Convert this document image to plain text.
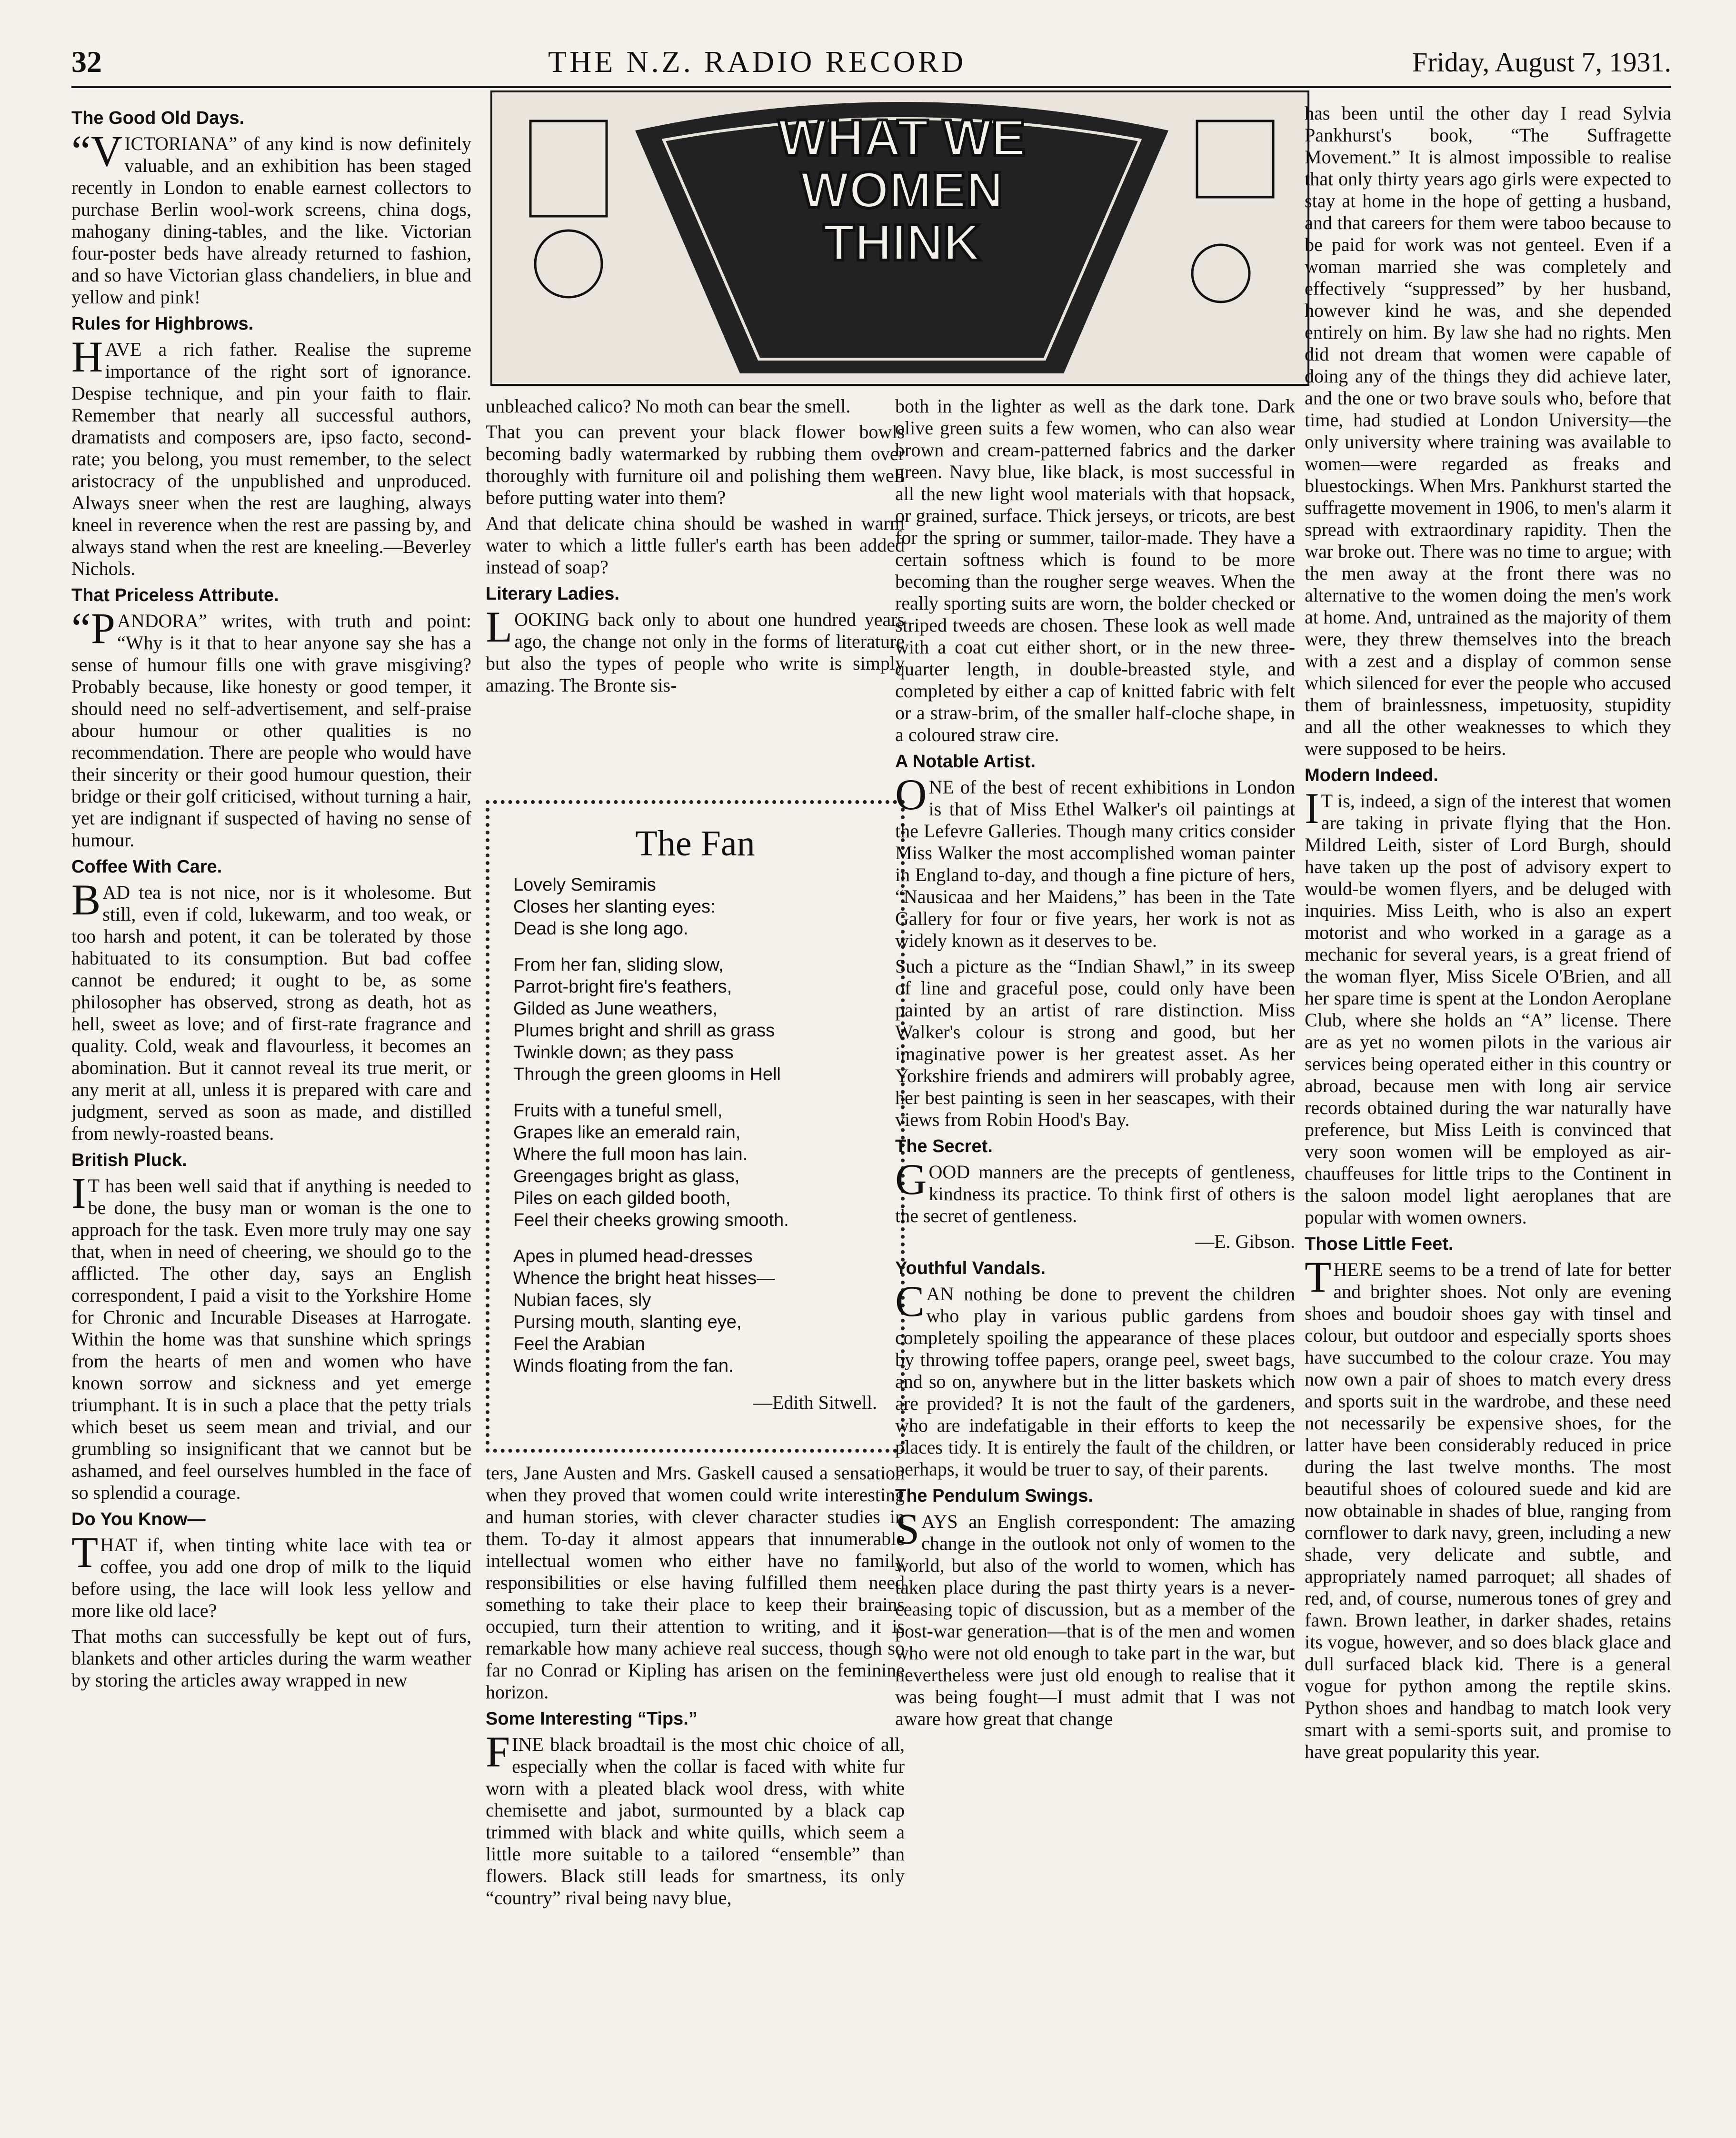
32	THE N.Z. RADIO RECORD	Friday, August 7, 1931.
WHAT WE
WOMEN
THINK
The Good Old Days.

“VICTORIANA” of any kind is now definitely valuable, and an exhibition has been staged recently in London to enable earnest collectors to purchase Berlin wool-work screens, china dogs, mahogany dining-tables, and the like. Victorian four-poster beds have already returned to fashion, and so have Victorian glass chandeliers, in blue and yellow and pink!

Rules for Highbrows.

HAVE a rich father. Realise the supreme importance of the right sort of ignorance. Despise technique, and pin your faith to flair. Remember that nearly all successful authors, dramatists and composers are, ipso facto, second-rate; you belong, you must remember, to the select aristocracy of the unpublished and unproduced. Always sneer when the rest are laughing, always kneel in reverence when the rest are passing by, and always stand when the rest are kneeling.—Beverley Nichols.

That Priceless Attribute.

“PANDORA” writes, with truth and point: “Why is it that to hear anyone say she has a sense of humour fills one with grave misgiving? Probably because, like honesty or good temper, it should need no self-advertisement, and self-praise abour humour or other qualities is no recommendation. There are people who would have their sincerity or their good humour question, their bridge or their golf criticised, without turning a hair, yet are indignant if suspected of having no sense of humour.

Coffee With Care.

BAD tea is not nice, nor is it wholesome. But still, even if cold, lukewarm, and too weak, or too harsh and potent, it can be tolerated by those habituated to its consumption. But bad coffee cannot be endured; it ought to be, as some philosopher has observed, strong as death, hot as hell, sweet as love; and of first-rate fragrance and quality. Cold, weak and flavourless, it becomes an abomination. But it cannot reveal its true merit, or any merit at all, unless it is prepared with care and judgment, served as soon as made, and distilled from newly-roasted beans.

British Pluck.

IT has been well said that if anything is needed to be done, the busy man or woman is the one to approach for the task. Even more truly may one say that, when in need of cheering, we should go to the afflicted. The other day, says an English correspondent, I paid a visit to the Yorkshire Home for Chronic and Incurable Diseases at Harrogate. Within the home was that sunshine which springs from the hearts of men and women who have known sorrow and sickness and yet emerge triumphant. It is in such a place that the petty trials which beset us seem mean and trivial, and our grumbling so insignificant that we cannot but be ashamed, and feel ourselves humbled in the face of so splendid a courage.

Do You Know—

THAT if, when tinting white lace with tea or coffee, you add one drop of milk to the liquid before using, the lace will look less yellow and more like old lace?

That moths can successfully be kept out of furs, blankets and other articles during the warm weather by storing the articles away wrapped in new

unbleached calico? No moth can bear the smell.

That you can prevent your black flower bowls becoming badly watermarked by rubbing them over thoroughly with furniture oil and polishing them well before putting water into them?

And that delicate china should be washed in warm water to which a little fuller's earth has been added instead of soap?

Literary Ladies.

LOOKING back only to about one hundred years ago, the change not only in the forms of literature but also the types of people who write is simply amazing. The Bronte sis-

The Fan
Lovely Semiramis
Closes her slanting eyes:
Dead is she long ago.
From her fan, sliding slow,
Parrot-bright fire's feathers,
Gilded as June weathers,
Plumes bright and shrill as grass
Twinkle down; as they pass
Through the green glooms in Hell
Fruits with a tuneful smell,
Grapes like an emerald rain,
Where the full moon has lain.
Greengages bright as glass,
Piles on each gilded booth,
Feel their cheeks growing smooth.
Apes in plumed head-dresses
Whence the bright heat hisses—
Nubian faces, sly
Pursing mouth, slanting eye,
Feel the Arabian
Winds floating from the fan.
—Edith Sitwell.

ters, Jane Austen and Mrs. Gaskell caused a sensation when they proved that women could write interesting and human stories, with clever character studies in them. To-day it almost appears that innumerable intellectual women who either have no family responsibilities or else having fulfilled them need something to take their place to keep their brains occupied, turn their attention to writing, and it is remarkable how many achieve real success, though so far no Conrad or Kipling has arisen on the feminine horizon.

Some Interesting “Tips.”

FINE black broadtail is the most chic choice of all, especially when the collar is faced with white fur worn with a pleated black wool dress, with white chemisette and jabot, surmounted by a black cap trimmed with black and white quills, which seem a little more suitable to a tailored “ensemble” than flowers. Black still leads for smartness, its only “country” rival being navy blue,

both in the lighter as well as the dark tone. Dark olive green suits a few women, who can also wear brown and cream-patterned fabrics and the darker green. Navy blue, like black, is most successful in all the new light wool materials with that hopsack, or grained, surface. Thick jerseys, or tricots, are best for the spring or summer, tailor-made. They have a certain softness which is found to be more becoming than the rougher serge weaves. When the really sporting suits are worn, the bolder checked or striped tweeds are chosen. These look as well made with a coat cut either short, or in the new three-quarter length, in double-breasted style, and completed by either a cap of knitted fabric with felt or a straw-brim, of the smaller half-cloche shape, in a coloured straw cire.

A Notable Artist.

ONE of the best of recent exhibitions in London is that of Miss Ethel Walker's oil paintings at the Lefevre Galleries. Though many critics consider Miss Walker the most accomplished woman painter in England to-day, and though a fine picture of hers, “Nausicaa and her Maidens,” has been in the Tate Gallery for four or five years, her work is not as widely known as it deserves to be.

Such a picture as the “Indian Shawl,” in its sweep of line and graceful pose, could only have been painted by an artist of rare distinction. Miss Walker's colour is strong and good, but her imaginative power is her greatest asset. As her Yorkshire friends and admirers will probably agree, her best painting is seen in her seascapes, with their views from Robin Hood's Bay.

The Secret.

GOOD manners are the precepts of gentleness, kindness its practice. To think first of others is the secret of gentleness.

—E. Gibson.

Youthful Vandals.

CAN nothing be done to prevent the children who play in various public gardens from completely spoiling the appearance of these places by throwing toffee papers, orange peel, sweet bags, and so on, anywhere but in the litter baskets which are provided? It is not the fault of the gardeners, who are indefatigable in their efforts to keep the places tidy. It is entirely the fault of the children, or perhaps, it would be truer to say, of their parents.

The Pendulum Swings.

SAYS an English correspondent: The amazing change in the outlook not only of women to the world, but also of the world to women, which has taken place during the past thirty years is a never-ceasing topic of discussion, but as a member of the post-war generation—that is of the men and women who were not old enough to take part in the war, but nevertheless were just old enough to realise that it was being fought—I must admit that I was not aware how great that change

has been until the other day I read Sylvia Pankhurst's book, “The Suffragette Movement.” It is almost impossible to realise that only thirty years ago girls were expected to stay at home in the hope of getting a husband, and that careers for them were taboo because to be paid for work was not genteel. Even if a woman married she was completely and effectively “suppressed” by her husband, however kind he was, and she depended entirely on him. By law she had no rights. Men did not dream that women were capable of doing any of the things they did achieve later, and the one or two brave souls who, before that time, had studied at London University—the only university where training was available to women—were regarded as freaks and bluestockings. When Mrs. Pankhurst started the suffragette movement in 1906, to men's alarm it spread with extraordinary rapidity. Then the war broke out. There was no time to argue; with the men away at the front there was no alternative to the women doing the men's work at home. And, untrained as the majority of them were, they threw themselves into the breach with a zest and a display of common sense which silenced for ever the people who accused them of brainlessness, impetuosity, stupidity and all the other weaknesses to which they were supposed to be heirs.

Modern Indeed.

IT is, indeed, a sign of the interest that women are taking in private flying that the Hon. Mildred Leith, sister of Lord Burgh, should have taken up the post of advisory expert to would-be women flyers, and be deluged with inquiries. Miss Leith, who is also an expert motorist and who worked in a garage as a mechanic for several years, is a great friend of the woman flyer, Miss Sicele O'Brien, and all her spare time is spent at the London Aeroplane Club, where she holds an “A” license. There are as yet no women pilots in the various air services being operated either in this country or abroad, because men with long air service records obtained during the war naturally have preference, but Miss Leith is convinced that very soon women will be employed as air-chauffeuses for little trips to the Continent in the saloon model light aeroplanes that are popular with women owners.

Those Little Feet.

THERE seems to be a trend of late for better and brighter shoes. Not only are evening shoes and boudoir shoes gay with tinsel and colour, but outdoor and especially sports shoes have succumbed to the colour craze. You may now own a pair of shoes to match every dress and sports suit in the wardrobe, and these need not necessarily be expensive shoes, for the latter have been considerably reduced in price during the last twelve months. The most beautiful shoes of coloured suede and kid are now obtainable in shades of blue, ranging from cornflower to dark navy, green, including a new shade, very delicate and subtle, and appropriately named parroquet; all shades of red, and, of course, numerous tones of grey and fawn. Brown leather, in darker shades, retains its vogue, however, and so does black glace and dull surfaced black kid. There is a general vogue for python among the reptile skins. Python shoes and handbag to match look very smart with a semi-sports suit, and promise to have great popularity this year.
